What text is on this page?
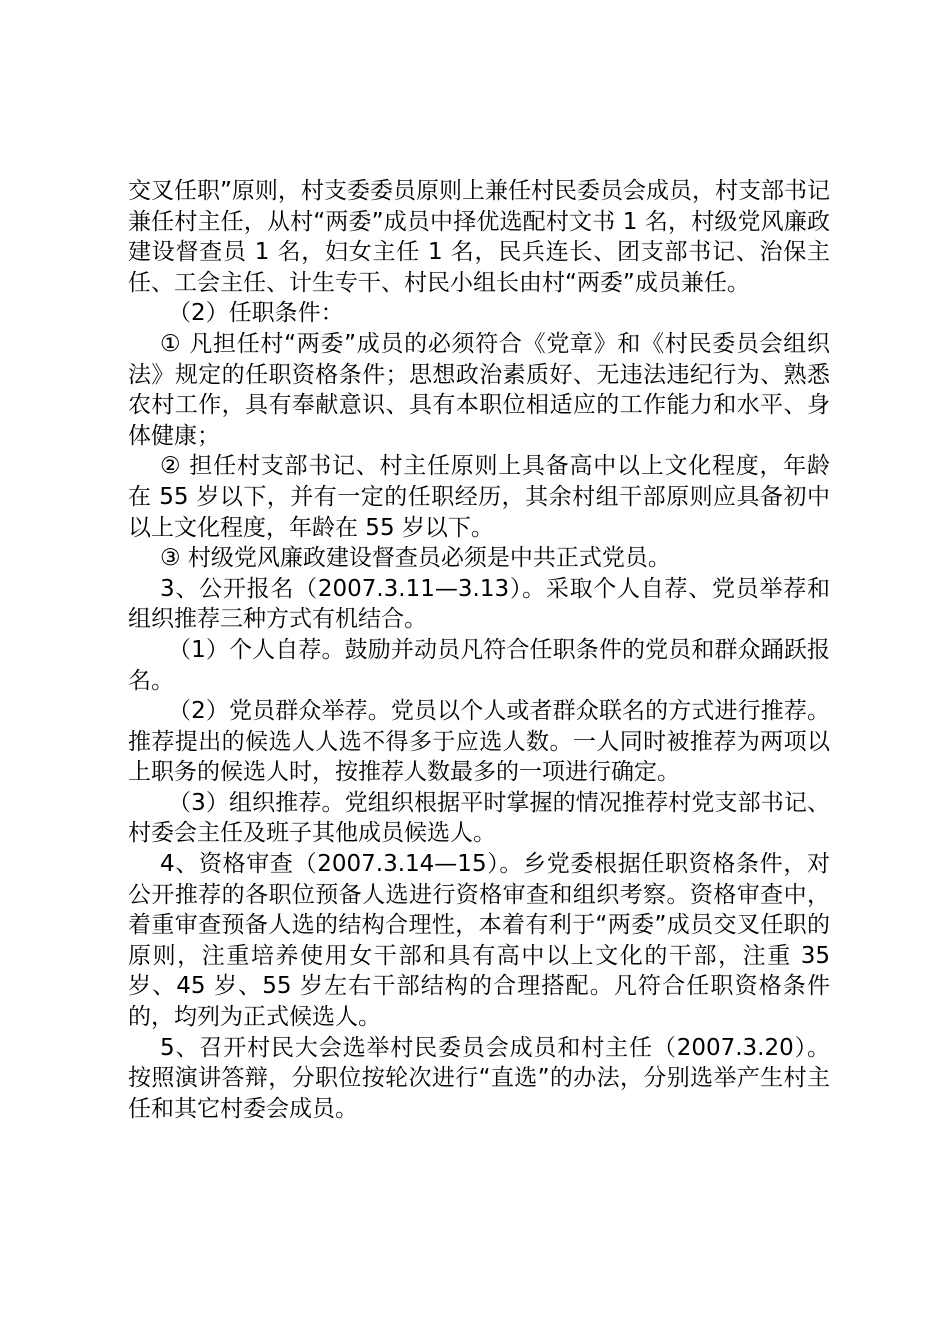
交叉任职”原则，村支委委员原则上兼任村民委员会成员，村支部书记兼任村主任，从村“两委”成员中择优选配村文书 1 名，村级党风廉政建设督查员 1 名，妇女主任 1 名，民兵连长、团支部书记、治保主任、工会主任、计生专干、村民小组长由村“两委”成员兼任。

（2）任职条件：

① 凡担任村“两委”成员的必须符合《党章》和《村民委员会组织法》规定的任职资格条件；思想政治素质好、无违法违纪行为、熟悉农村工作，具有奉献意识、具有本职位相适应的工作能力和水平、身体健康；

② 担任村支部书记、村主任原则上具备高中以上文化程度，年龄在 55 岁以下，并有一定的任职经历，其余村组干部原则应具备初中以上文化程度，年龄在 55 岁以下。

③ 村级党风廉政建设督查员必须是中共正式党员。

3、公开报名（2007.3.11—3.13）。采取个人自荐、党员举荐和组织推荐三种方式有机结合。

（1）个人自荐。鼓励并动员凡符合任职条件的党员和群众踊跃报名。

（2）党员群众举荐。党员以个人或者群众联名的方式进行推荐。推荐提出的候选人人选不得多于应选人数。一人同时被推荐为两项以上职务的候选人时，按推荐人数最多的一项进行确定。

（3）组织推荐。党组织根据平时掌握的情况推荐村党支部书记、村委会主任及班子其他成员候选人。

4、资格审查（2007.3.14—15）。乡党委根据任职资格条件，对公开推荐的各职位预备人选进行资格审查和组织考察。资格审查中，着重审查预备人选的结构合理性，本着有利于“两委”成员交叉任职的原则，注重培养使用女干部和具有高中以上文化的干部，注重 35 岁、45 岁、55 岁左右干部结构的合理搭配。凡符合任职资格条件的，均列为正式候选人。

5、召开村民大会选举村民委员会成员和村主任（2007.3.20）。按照演讲答辩，分职位按轮次进行“直选”的办法，分别选举产生村主任和其它村委会成员。
